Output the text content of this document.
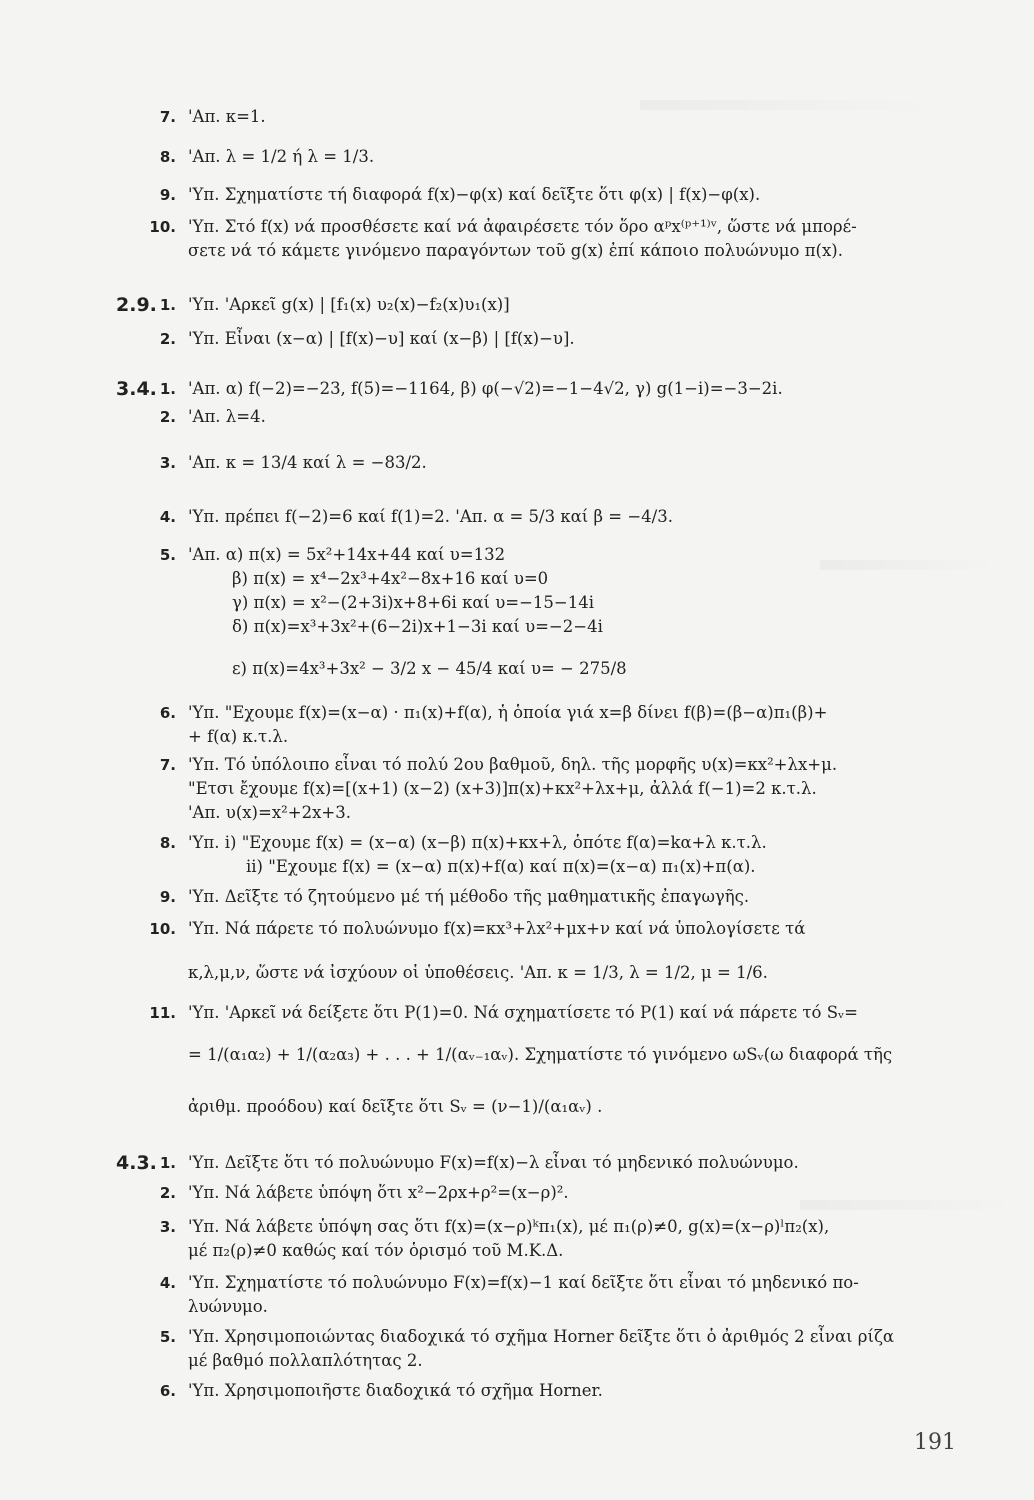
7. 'Απ. κ=1.
8. 'Απ. λ = 1/2 ή λ = 1/3.
9. 'Υπ. Σχηματίστε τή διαφορά f(x)−φ(x) καί δεῖξτε ὅτι φ(x) | f(x)−φ(x).
10. 'Υπ. Στό f(x) νά προσθέσετε καί νά ἀφαιρέσετε τόν ὅρο αᵖx⁽ᵖ⁺¹⁾ᵛ, ὥστε νά μπορέ-
σετε νά τό κάμετε γινόμενο παραγόντων τοῦ g(x) ἐπί κάποιο πολυώνυμο π(x).
2.9. 1. 'Υπ. 'Αρκεῖ g(x) | [f₁(x) υ₂(x)−f₂(x)υ₁(x)]
2. 'Υπ. Εἶναι (x−α) | [f(x)−υ] καί (x−β) | [f(x)−υ].
3.4. 1. 'Απ. α) f(−2)=−23, f(5)=−1164, β) φ(−√2)=−1−4√2, γ) g(1−i)=−3−2i.
2. 'Απ. λ=4.
3. 'Απ. κ = 13/4 καί λ = −83/2.
4. 'Υπ. πρέπει f(−2)=6 καί f(1)=2. 'Απ. α = 5/3 καί β = −4/3.
5. 'Απ. α) π(x) = 5x²+14x+44 καί υ=132
β) π(x) = x⁴−2x³+4x²−8x+16 καί υ=0
γ) π(x) = x²−(2+3i)x+8+6i καί υ=−15−14i
δ) π(x)=x³+3x²+(6−2i)x+1−3i καί υ=−2−4i
ε) π(x)=4x³+3x² − 3/2 x − 45/4 καί υ= − 275/8
6. 'Υπ. "Εχουμε f(x)=(x−α) · π₁(x)+f(α), ἡ ὁποία γιά x=β δίνει f(β)=(β−α)π₁(β)+
+ f(α) κ.τ.λ.
7. 'Υπ. Τό ὑπόλοιπο εἶναι τό πολύ 2ου βαθμοῦ, δηλ. τῆς μορφῆς υ(x)=κx²+λx+μ.
"Ετσι ἔχουμε f(x)=[(x+1) (x−2) (x+3)]π(x)+κx²+λx+μ, ἀλλά f(−1)=2 κ.τ.λ.
'Απ. υ(x)=x²+2x+3.
8. 'Υπ. i) "Εχουμε f(x) = (x−α) (x−β) π(x)+κx+λ, ὁπότε f(α)=kα+λ κ.τ.λ.
ii) "Εχουμε f(x) = (x−α) π(x)+f(α) καί π(x)=(x−α) π₁(x)+π(α).
9. 'Υπ. Δεῖξτε τό ζητούμενο μέ τή μέθοδο τῆς μαθηματικῆς ἐπαγωγῆς.
10. 'Υπ. Νά πάρετε τό πολυώνυμο f(x)=κx³+λx²+μx+ν καί νά ὑπολογίσετε τά
κ,λ,μ,ν, ὥστε νά ἰσχύουν οἱ ὑποθέσεις. 'Απ. κ = 1/3, λ = 1/2, μ = 1/6.
11. 'Υπ. 'Αρκεῖ νά δείξετε ὅτι P(1)=0. Νά σχηματίσετε τό P(1) καί νά πάρετε τό Sᵥ=
= 1/(α₁α₂) + 1/(α₂α₃) + . . . + 1/(αᵥ₋₁αᵥ). Σχηματίστε τό γινόμενο ωSᵥ(ω διαφορά τῆς
ἀριθμ. προόδου) καί δεῖξτε ὅτι Sᵥ = (ν−1)/(α₁αᵥ) .
4.3. 1. 'Υπ. Δεῖξτε ὅτι τό πολυώνυμο F(x)=f(x)−λ εἶναι τό μηδενικό πολυώνυμο.
2. 'Υπ. Νά λάβετε ὑπόψη ὅτι x²−2ρx+ρ²=(x−ρ)².
3. 'Υπ. Νά λάβετε ὑπόψη σας ὅτι f(x)=(x−ρ)ᵏπ₁(x), μέ π₁(ρ)≠0, g(x)=(x−ρ)ˡπ₂(x),
μέ π₂(ρ)≠0 καθώς καί τόν ὁρισμό τοῦ Μ.Κ.Δ.
4. 'Υπ. Σχηματίστε τό πολυώνυμο F(x)=f(x)−1 καί δεῖξτε ὅτι εἶναι τό μηδενικό πο-
λυώνυμο.
5. 'Υπ. Χρησιμοποιώντας διαδοχικά τό σχῆμα Horner δεῖξτε ὅτι ὁ ἀριθμός 2 εἶναι ρίζα
μέ βαθμό πολλαπλότητας 2.
6. 'Υπ. Χρησιμοποιῆστε διαδοχικά τό σχῆμα Horner.
191
